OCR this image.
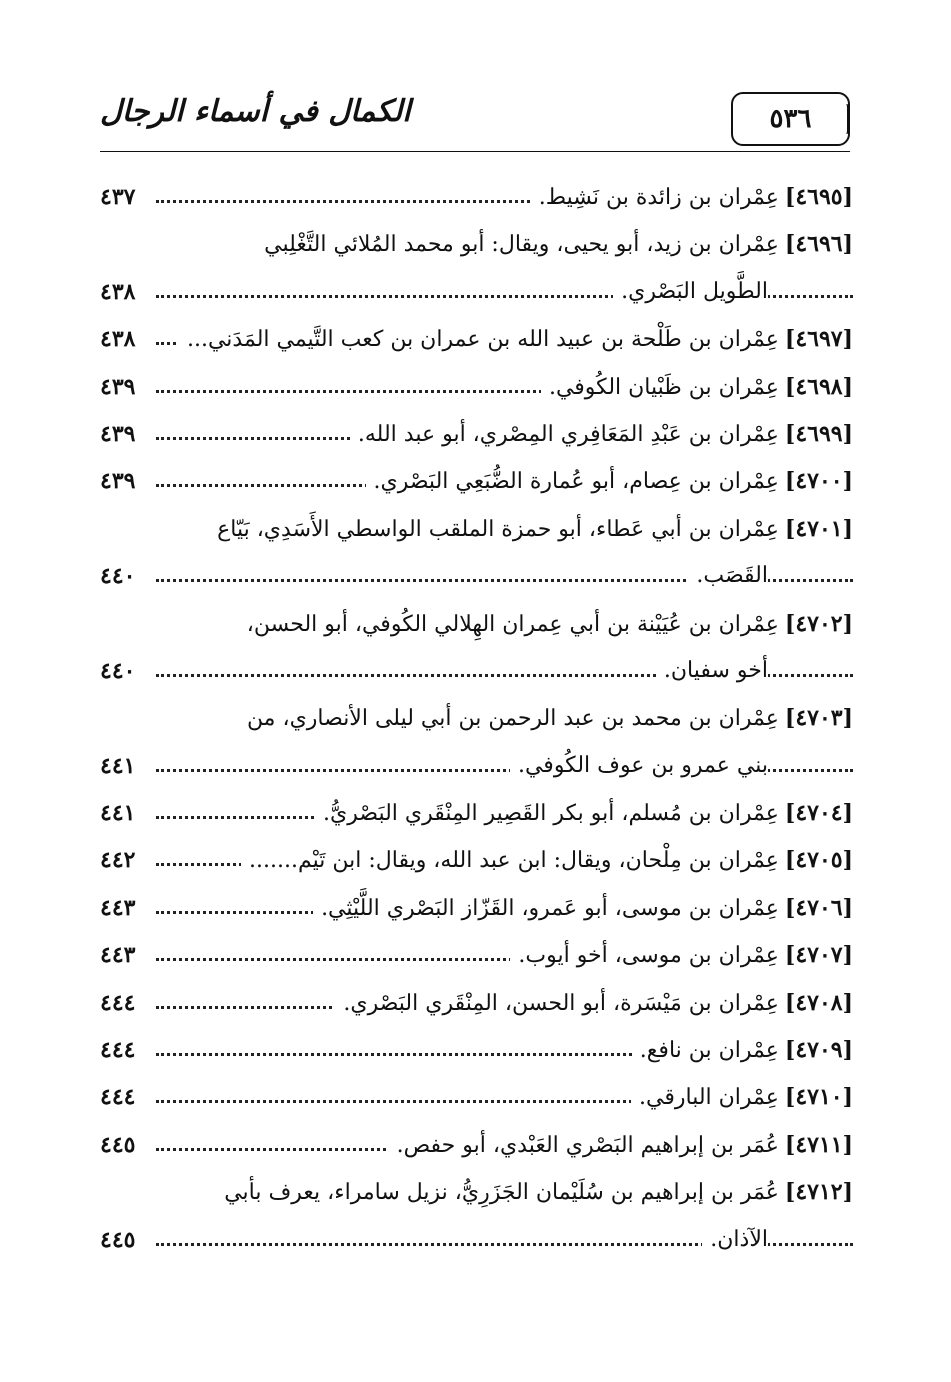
٥٣٦
الكمال في أسماء الرجال
[٤٦٩٥]عِمْران بن زائدة بن نَشِيط.
٤٣٧
[٤٦٩٦]عِمْران بن زيد، أبو يحيى، ويقال: أبو محمد المُلائي التَّغْلِبي
الطَّويل البَصْري.
٤٣٨
[٤٦٩٧]عِمْران بن طَلْحة بن عبيد الله بن عمران بن كعب التَّيمي المَدَني...
٤٣٨
[٤٦٩٨]عِمْران بن ظَبْيان الكُوفي.
٤٣٩
[٤٦٩٩]عِمْران بن عَبْدِ المَعَافِري المِصْري، أبو عبد الله.
٤٣٩
[٤٧٠٠]عِمْران بن عِصام، أبو عُمارة الضُّبَعِي البَصْري.
٤٣٩
[٤٧٠١]عِمْران بن أبي عَطاء، أبو حمزة الملقب الواسطي الأَسَدِي، بَيّاع
القَصَب.
٤٤٠
[٤٧٠٢]عِمْران بن عُيَيْنة بن أبي عِمران الهِلالي الكُوفي، أبو الحسن،
أخو سفيان.
٤٤٠
[٤٧٠٣]عِمْران بن محمد بن عبد الرحمن بن أبي ليلى الأنصاري، من
بني عمرو بن عوف الكُوفي.
٤٤١
[٤٧٠٤]عِمْران بن مُسلم، أبو بكر القَصِير المِنْقَري البَصْريُّ.
٤٤١
[٤٧٠٥]عِمْران بن مِلْحان، ويقال: ابن عبد الله، ويقال: ابن تَيْم.......
٤٤٢
[٤٧٠٦]عِمْران بن موسى، أبو عَمرو، القَزّاز البَصْري اللَّيْثِي.
٤٤٣
[٤٧٠٧]عِمْران بن موسى، أخو أيوب.
٤٤٣
[٤٧٠٨]عِمْران بن مَيْسَرة، أبو الحسن، المِنْقَري البَصْري.
٤٤٤
[٤٧٠٩]عِمْران بن نافع.
٤٤٤
[٤٧١٠]عِمْران البارقي.
٤٤٤
[٤٧١١]عُمَر بن إبراهيم البَصْري العَبْدي، أبو حفص.
٤٤٥
[٤٧١٢]عُمَر بن إبراهيم بن سُلَيْمان الجَزَرِيُّ، نزيل سامراء، يعرف بأبي
الآذان.
٤٤٥
